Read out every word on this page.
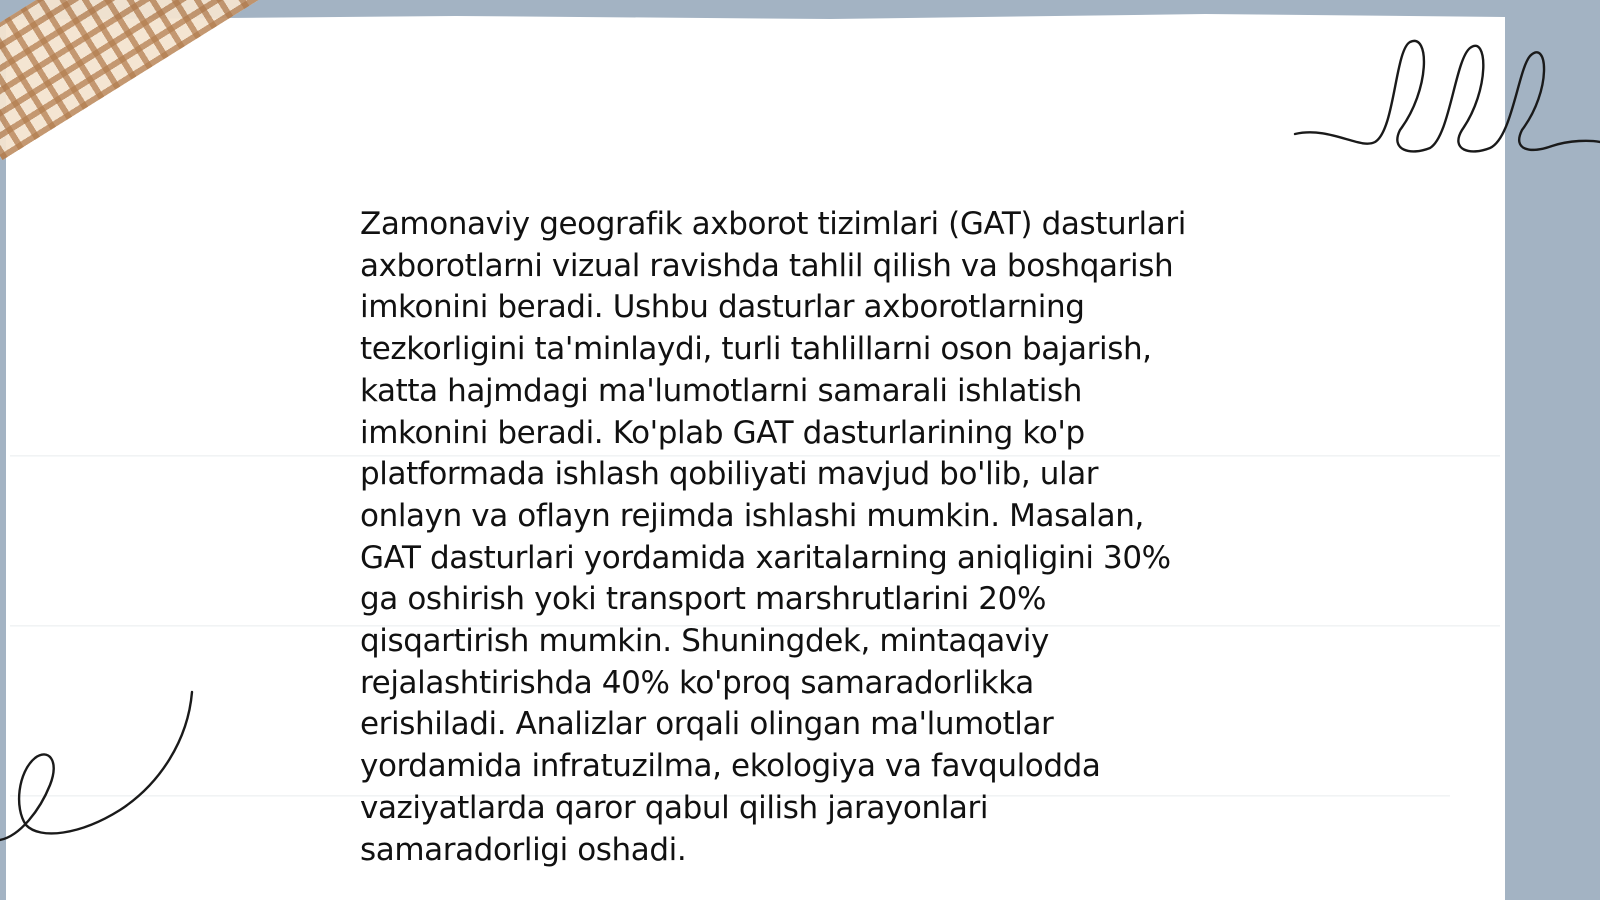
Zamonaviy geografik axborot tizimlari (GAT) dasturlari
axborotlarni vizual ravishda tahlil qilish va boshqarish
imkonini beradi. Ushbu dasturlar axborotlarning
tezkorligini ta'minlaydi, turli tahlillarni oson bajarish,
katta hajmdagi ma'lumotlarni samarali ishlatish
imkonini beradi. Ko'plab GAT dasturlarining ko'p
platformada ishlash qobiliyati mavjud bo'lib, ular
onlayn va oflayn rejimda ishlashi mumkin. Masalan,
GAT dasturlari yordamida xaritalarning aniqligini 30%
ga oshirish yoki transport marshrutlarini 20%
qisqartirish mumkin. Shuningdek, mintaqaviy
rejalashtirishda 40% ko'proq samaradorlikka
erishiladi. Analizlar orqali olingan ma'lumotlar
yordamida infratuzilma, ekologiya va favqulodda
vaziyatlarda qaror qabul qilish jarayonlari
samaradorligi oshadi.
